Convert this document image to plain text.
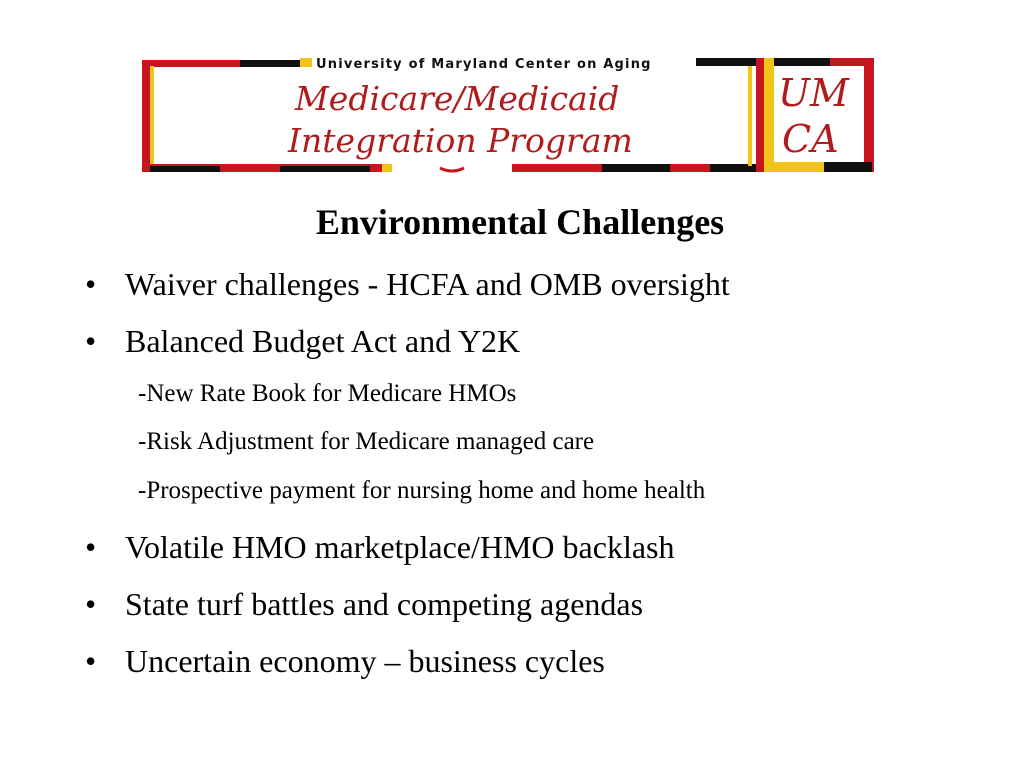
University of Maryland Center on Aging
Medicare/Medicaid
Integration Program
UM
CA
Environmental Challenges
• Waiver challenges - HCFA and OMB oversight
• Balanced Budget Act and Y2K
-New Rate Book for Medicare HMOs
-Risk Adjustment for Medicare managed care
-Prospective payment for nursing home and home health
• Volatile HMO marketplace/HMO backlash
• State turf battles and competing agendas
• Uncertain economy – business cycles
